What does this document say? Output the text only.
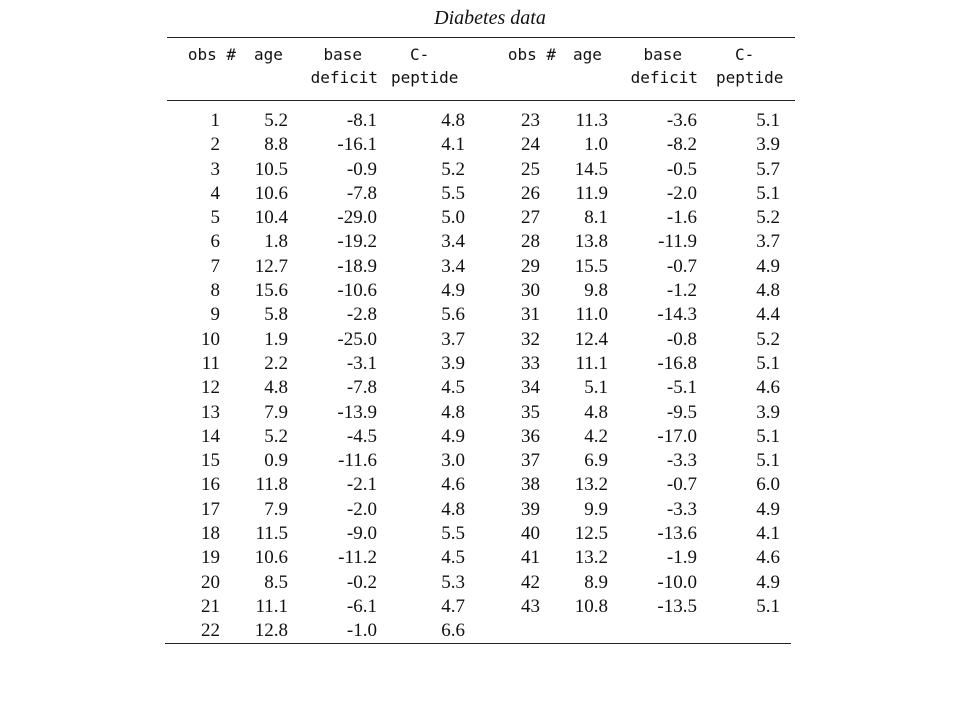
Diabetes data
obs # age	base
deficit
C-
peptide
obs # age	base
deficit
C-
peptide
1
2
3
4
5
6
7
8
9
10
11
12
13
14
15
16
17
18
19
20
21
22
5.2
8.8
10.5
10.6
10.4
1.8
12.7
15.6
5.8
1.9
2.2
4.8
7.9
5.2
0.9
11.8
7.9
11.5
10.6
8.5
11.1
12.8
-8.1
-16.1
-0.9
-7.8
-29.0
-19.2
-18.9
-10.6
-2.8
-25.0
-3.1
-7.8
-13.9
-4.5
-11.6
-2.1
-2.0
-9.0
-11.2
-0.2
-6.1
-1.0
4.8
4.1
5.2
5.5
5.0
3.4
3.4
4.9
5.6
3.7
3.9
4.5
4.8
4.9
3.0
4.6
4.8
5.5
4.5
5.3
4.7
6.6
23
24
25
26
27
28
29
30
31
32
33
34
35
36
37
38
39
40
41
42
43
11.3
1.0
14.5
11.9
8.1
13.8
15.5
9.8
11.0
12.4
11.1
5.1
4.8
4.2
6.9
13.2
9.9
12.5
13.2
8.9
10.8
-3.6
-8.2
-0.5
-2.0
-1.6
-11.9
-0.7
-1.2
-14.3
-0.8
-16.8
-5.1
-9.5
-17.0
-3.3
-0.7
-3.3
-13.6
-1.9
-10.0
-13.5
5.1
3.9
5.7
5.1
5.2
3.7
4.9
4.8
4.4
5.2
5.1
4.6
3.9
5.1
5.1
6.0
4.9
4.1
4.6
4.9
5.1
